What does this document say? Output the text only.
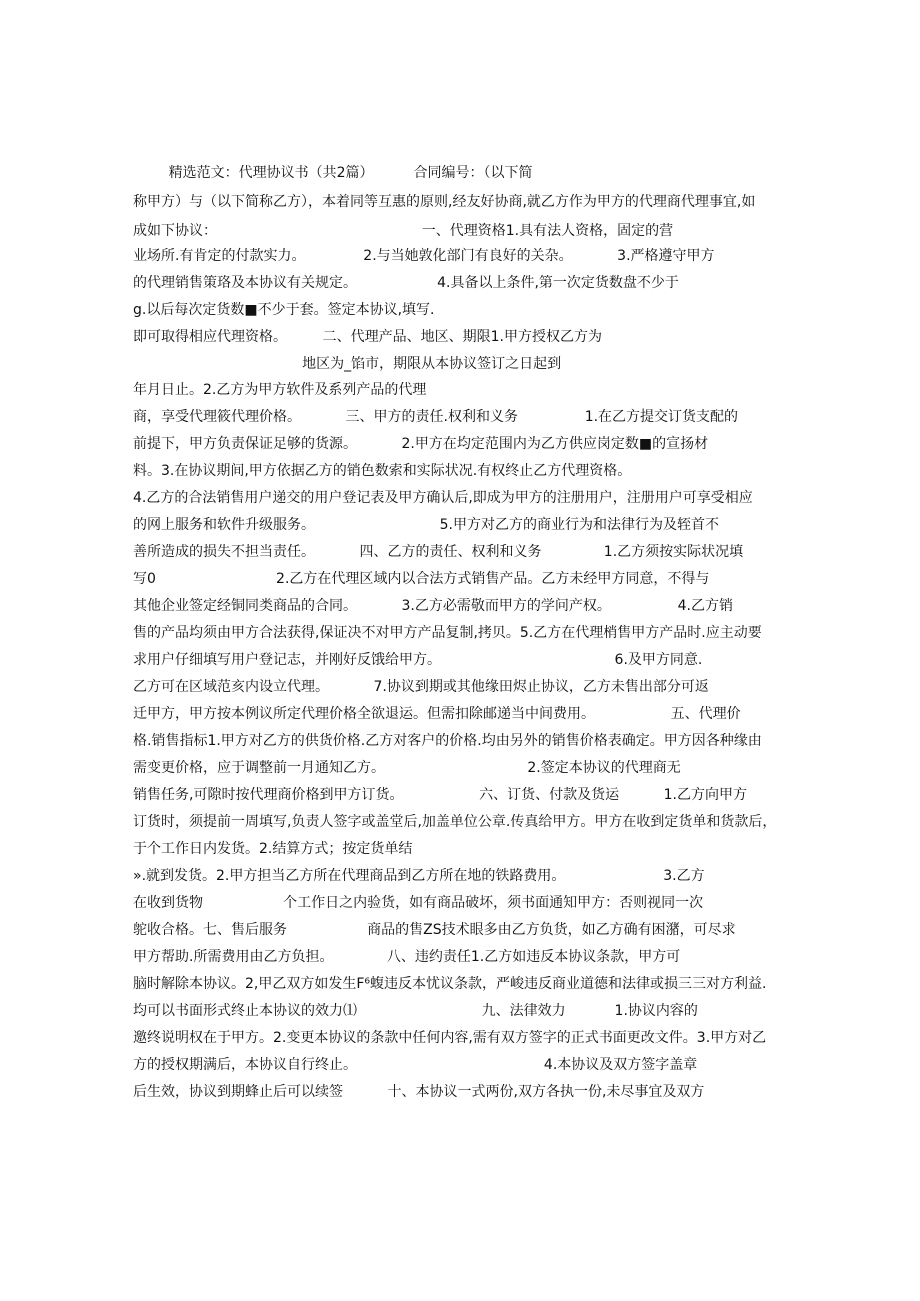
精选范文：代理协议书（共2篇）         合同编号：（以下简
称甲方）与（以下简称乙方），本着同等互惠的原则,经友好协商,就乙方作为甲方的代理商代理事宜,如
成如下协议：                                              一、代理资格1.具有法人资格，固定的营
业场所.有肯定的付款实力。             2.与当她敦化部门有良好的关杂。          3.严格遵守甲方
的代理销售策珞及本协议有关规定。                  4.具备以上条件,第一次定货数盘不少于
g.以后每次定货数■不少于套。签定本协议,填写.
即可取得相应代理资格。        二、代理产品、地区、期限1.甲方授权乙方为
地区为_馅市，期限从本协议签订之日起到
年月日止。2.乙方为甲方软件及系列产品的代理
商，享受代理筱代理价格。          三、甲方的责任.权利和义务               1.在乙方提交订货支配的
前提下，甲方负责保证足够的货源。          2.甲方在均定范围内为乙方供应岗定数■的宣扬材
料。3.在协议期间,甲方依据乙方的销色数索和实际状况.有权终止乙方代理资格。
4.乙方的合法销售用户递交的用户登记表及甲方确认后,即成为甲方的注册用户，注册用户可享受相应
的网上服务和软件升级服务。                            5.甲方对乙方的商业行为和法律行为及轾首不
善所造成的损失不担当责任。          四、乙方的责任、权利和义务              1.乙方须按实际状况填
写0                           2.乙方在代理区域内以合法方式销售产品。乙方未经甲方同意，不得与
其他企业签定经铜同类商品的合同。          3.乙方必需敬而甲方的学问产权。               4.乙方销
售的产品均须由甲方合法获得,保证决不对甲方产品复制,拷贝。5.乙方在代理梢售甲方产品时.应主动要
求用户仔细填写用户登记志，并刚好反饿给甲方。                                       6.及甲方同意.
乙方可在区域范亥内设立代理。          7.协议到期或其他缘田烬止协议，乙方未售出部分可返
迁甲方，甲方按本例议所定代理价格全欲退运。但需扣除邮递当中间费用。                 五、代理价
格.销售指标1.甲方对乙方的供货价格.乙方对客户的价格.均由另外的销售价格表确定。甲方因各种缘由
需变更价格，应于调整前一月通知乙方。                                2.签定本协议的代理商无
销售任务,可隙时按代理商价格到甲方订货。                 六、订货、付款及货运          1.乙方向甲方
订货时，须提前一周填写,负责人签字或盖堂后,加盖单位公章.传真给甲方。甲方在收到定货单和货款后，
于个工作日内发货。2.结算方式；按定货单结
».就到发货。2.甲方担当乙方所在代理商品到乙方所在地的铁路费用。                      3.乙方
在收到货物                  个工作日之内验货，如有商品破坏，须书面通知甲方：否则视同一次
鸵收合格。七、售后服务                  商品的售ZS技术眼多由乙方负货，如乙方确有困潴，可尽求
甲方帮助.所需费用由乙方负担。            八、违约责任1.乙方如违反本协议条款，甲方可
脑时解除本协议。2,甲乙双方如发生F⁶蝮违反本忧议条款，严峻违反商业道德和法律或损三三对方利益.
均可以书面形式终止本协议的效力⑴                            九、法律效力           1.协议内容的
邀终说明权在于甲方。2.变更本协议的条款中任何内容,需有双方签字的正式书面更改文件。3.甲方对乙
方的授权期满后，本协议自行终止。                                          4.本协议及双方签字盖章
后生效，协议到期蜂止后可以续签          十、本协议一式两份,双方各执一份,未尽事宜及双方
